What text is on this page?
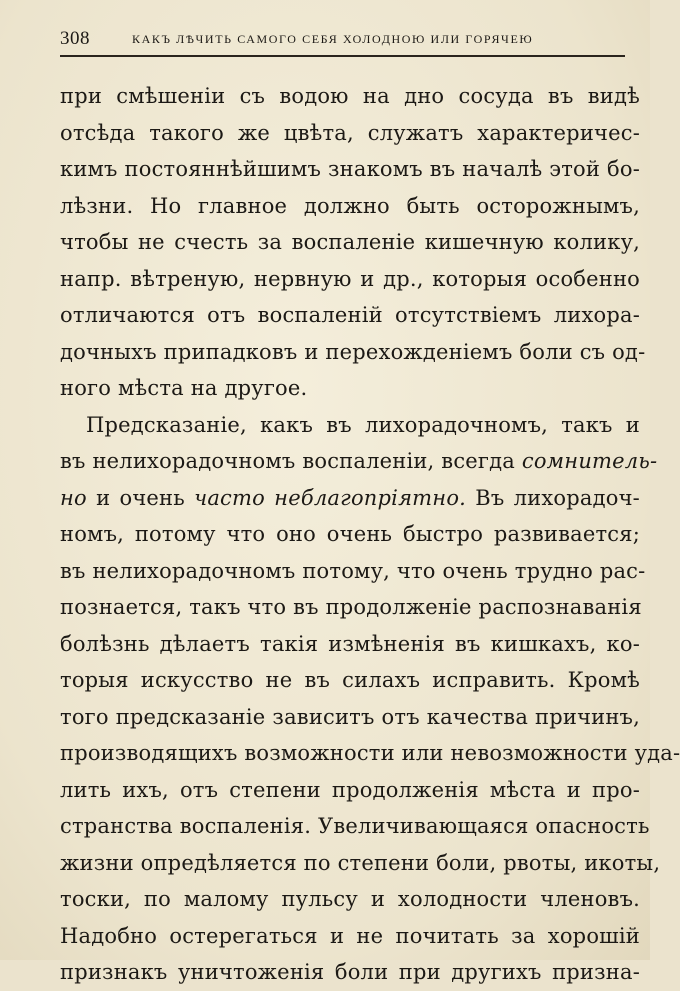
308	КАКЪ ЛѢЧИТЬ САМОГО СЕБЯ ХОЛОДНОЮ ИЛИ ГОРЯЧЕЮ
при смѣшеніи съ водою на дно сосуда въ видѣ
отсѣда такого же цвѣта, служатъ характеричес-
кимъ постояннѣйшимъ знакомъ въ началѣ этой бо-
лѣзни. Но главное должно быть осторожнымъ,
чтобы не счесть за воспаленіе кишечную колику,
напр. вѣтреную, нервную и др., которыя особенно
отличаются отъ воспаленій отсутствіемъ лихора-
дочныхъ припадковъ и перехожденіемъ боли съ од-
ного мѣста на другое.
Предсказаніе, какъ въ лихорадочномъ, такъ и
въ нелихорадочномъ воспаленіи, всегда сомнитель-
но и очень часто неблагопріятно. Въ лихорадоч-
номъ, потому что оно очень быстро развивается;
въ нелихорадочномъ потому, что очень трудно рас-
познается, такъ что въ продолженіе распознаванія
болѣзнь дѣлаетъ такія измѣненія въ кишкахъ, ко-
торыя искусство не въ силахъ исправить. Кромѣ
того предсказаніе зависитъ отъ качества причинъ,
производящихъ возможности или невозможности уда-
лить ихъ, отъ степени продолженія мѣста и про-
странства воспаленія. Увеличивающаяся опасность
жизни опредѣляется по степени боли, рвоты, икоты,
тоски, по малому пульсу и холодности членовъ.
Надобно остерегаться и не почитать за хорошій
признакъ уничтоженія боли при другихъ призна-
